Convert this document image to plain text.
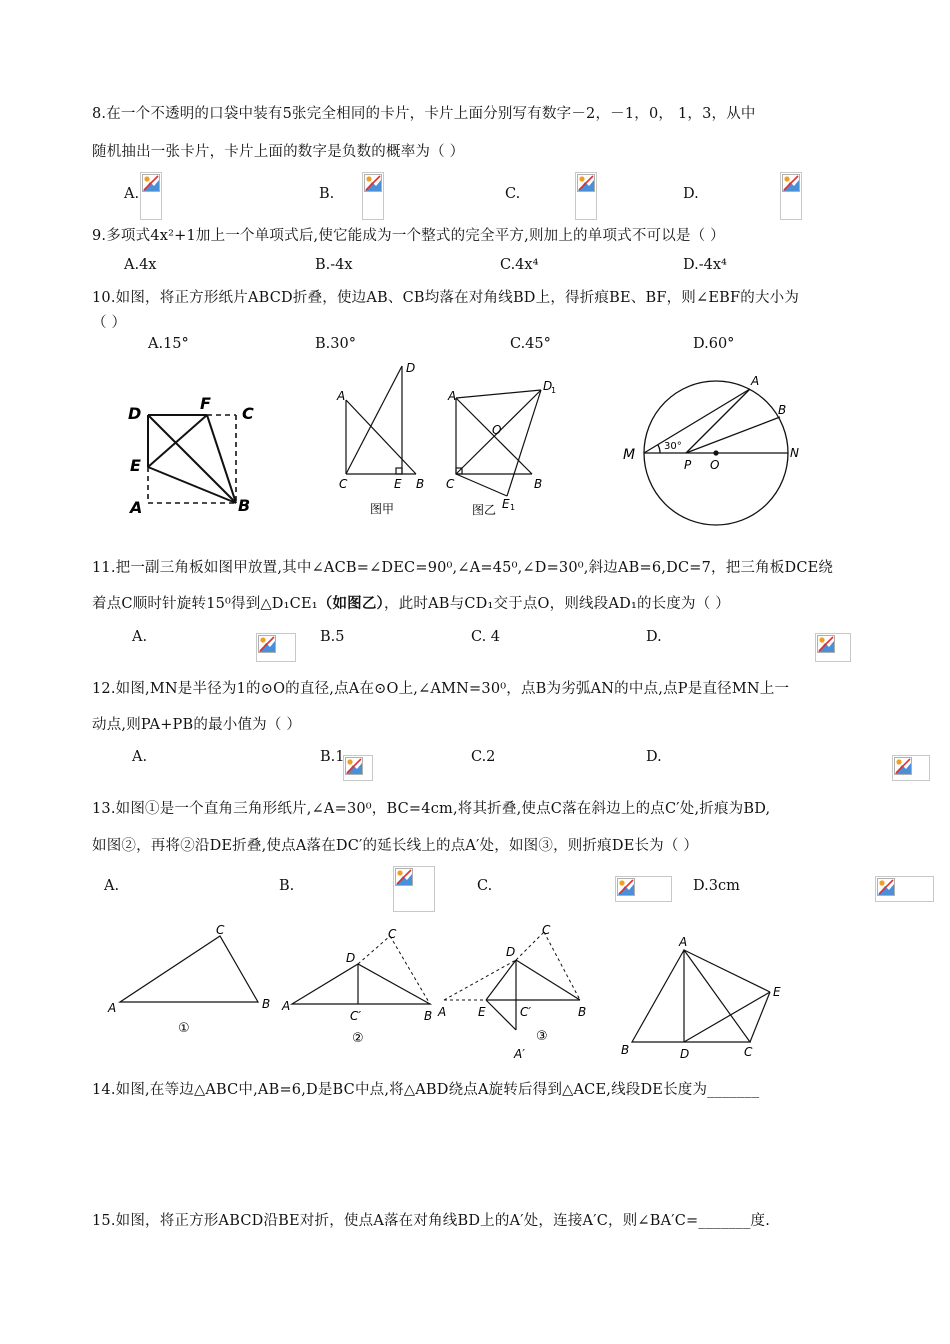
8.在一个不透明的口袋中装有5张完全相同的卡片，卡片上面分别写有数字－2，－1，0， 1，3，从中
随机抽出一张卡片，卡片上面的数字是负数的概率为（ ）
A.
	B.
	C.
	D.

9.多项式4x²+1加上一个单项式后,使它能成为一个整式的完全平方,则加上的单项式不可以是（ ）
A.4x	B.-4x	C.4x⁴	D.-4x⁴
10.如图，将正方形纸片ABCD折叠，使边AB、CB均落在对角线BD上，得折痕BE、BF，则∠EBF的大小为
（ ）
A.15°	B.30°	C.45°	D.60°
D
F
C
E
A	B
D
A
C	E B
图甲
D
1
A
O
C	B
E 1
图乙
A
B
M
P O
N
30°
11.把一副三角板如图甲放置,其中∠ACB=∠DEC=90⁰,∠A=45⁰,∠D=30⁰,斜边AB=6,DC=7，把三角板DCE绕
着点C顺时针旋转15⁰得到△D₁CE₁（如图乙），此时AB与CD₁交于点O，则线段AD₁的长度为（ ）
A.
	B.5	C. 4	D.

12.如图,MN是半径为1的⊙O的直径,点A在⊙O上,∠AMN=30⁰，点B为劣弧AN的中点,点P是直径MN上一
动点,则PA+PB的最小值为（ ）
A.
	B.1	C.2	D.

13.如图①是一个直角三角形纸片,∠A=30⁰，BC=4cm,将其折叠,使点C落在斜边上的点C′处,折痕为BD,
如图②，再将②沿DE折叠,使点A落在DC′的延长线上的点A′处，如图③，则折痕DE长为（ ）
A.
	B.
	C.	D.3cm
A
C
B
①
A
D
C
C′	B
②
A
D
C
E	C′	B
A′
③
A
B	D	C
E
14.如图,在等边△ABC中,AB=6,D是BC中点,将△ABD绕点A旋转后得到△ACE,线段DE长度为_______
15.如图，将正方形ABCD沿BE对折，使点A落在对角线BD上的A′处，连接A′C，则∠BA′C=_______度.
